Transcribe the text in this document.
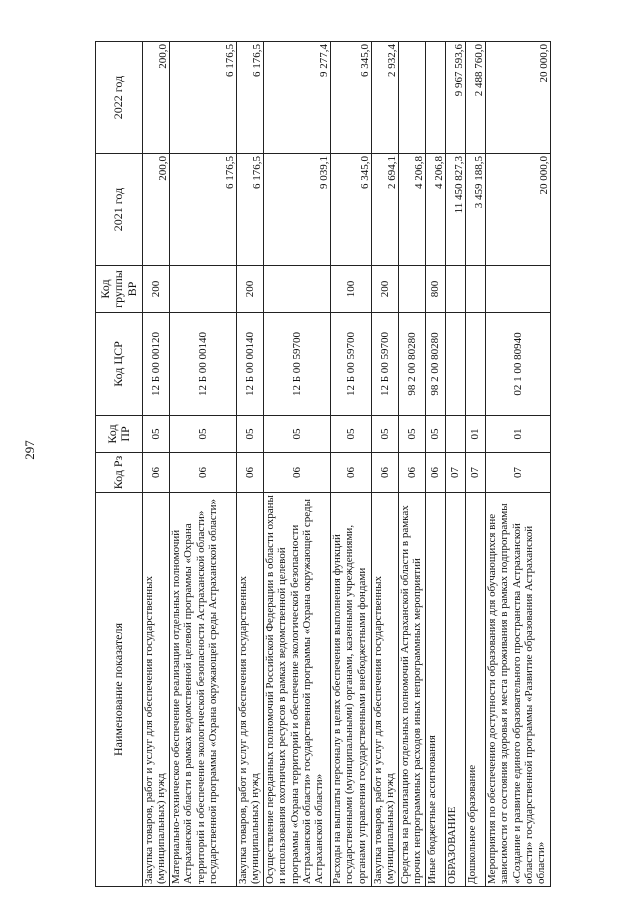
297
Наименование показателя	Код Рз	Код ПР	Код ЦСР	Код группы ВР	2021 год	2022 год
Закупка товаров, работ и услуг для обеспечения государственных (муниципальных) нужд	06	05	12 Б 00 00120	200	200,0	200,0
Материально-техническое обеспечение реализации отдельных полномочий Астраханской области в рамках ведомственной целевой программы «Охрана территорий и обеспечение экологической безопасности Астраханской области» государственной программы «Охрана окружающей среды Астраханской области»	06	05	12 Б 00 00140		6 176,5	6 176,5
Закупка товаров, работ и услуг для обеспечения государственных (муниципальных) нужд	06	05	12 Б 00 00140	200	6 176,5	6 176,5
Осуществление переданных полномочий Российской Федерации в области охраны и использования охотничьих ресурсов в рамках ведомственной целевой программы «Охрана территорий и обеспечение экологической безопасности Астраханской области» государственной программы «Охрана окружающей среды Астраханской области»	06	05	12 Б 00 59700		9 039,1	9 277,4
Расходы на выплаты персоналу в целях обеспечения выполнения функций государственными (муниципальными) органами, казенными учреждениями, органами управления государственными внебюджетными фондами	06	05	12 Б 00 59700	100	6 345,0	6 345,0
Закупка товаров, работ и услуг для обеспечения государственных (муниципальных) нужд	06	05	12 Б 00 59700	200	2 694,1	2 932,4
Средства на реализацию отдельных полномочий Астраханской области в рамках прочих непрограммных расходов иных непрограммных мероприятий	06	05	98 2 00 80280		4 206,8	
Иные бюджетные ассигнования	06	05	98 2 00 80280	800	4 206,8	
ОБРАЗОВАНИЕ	07				11 450 827,3	9 967 593,6
Дошкольное образование	07	01			3 459 188,5	2 488 760,0
Мероприятия по обеспечению доступности образования для обучающихся вне зависимости от состояния здоровья и места проживания в рамках подпрограммы «Создание и развитие единого образовательного пространства Астраханской области» государственной программы «Развитие образования Астраханской области»	07	01	02 1 00 80940		20 000,0	20 000,0
